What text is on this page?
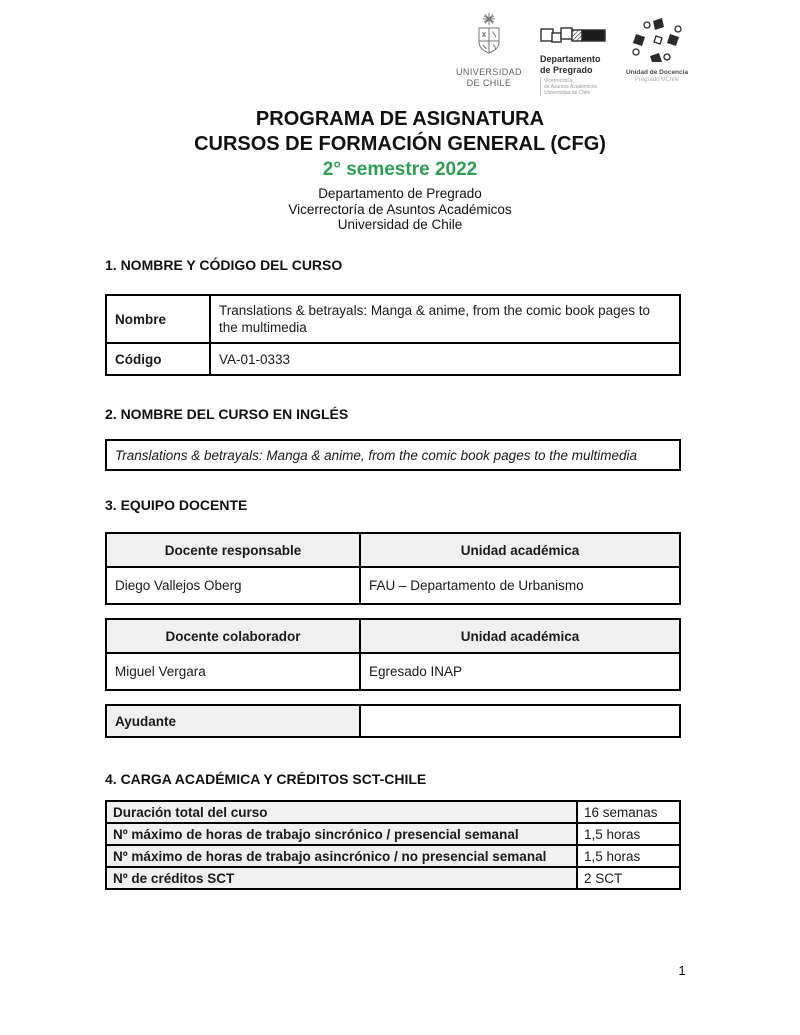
UNIVERSIDAD
DE CHILE
Departamento
de Pregrado
Vicerrectoría
de Asuntos Académicos
Universidad de Chile
Unidad de Docencia
Pregrado UChile
PROGRAMA DE ASIGNATURA
CURSOS DE FORMACIÓN GENERAL (CFG)
2° semestre 2022
Departamento de Pregrado
Vicerrectoría de Asuntos Académicos
Universidad de Chile
1. NOMBRE Y CÓDIGO DEL CURSO
Nombre	Translations & betrayals: Manga & anime, from the comic book pages to the multimedia
Código	VA-01-0333
2. NOMBRE DEL CURSO EN INGLÉS
Translations & betrayals: Manga & anime, from the comic book pages to the multimedia
3. EQUIPO DOCENTE
Docente responsable	Unidad académica
Diego Vallejos Oberg	FAU – Departamento de Urbanismo
Docente colaborador	Unidad académica
Miguel Vergara	Egresado INAP
Ayudante	
4. CARGA ACADÉMICA Y CRÉDITOS SCT-CHILE
Duración total del curso	16 semanas
Nº máximo de horas de trabajo sincrónico / presencial semanal	1,5 horas
Nº máximo de horas de trabajo asincrónico / no presencial semanal	1,5 horas
Nº de créditos SCT	2 SCT
1
